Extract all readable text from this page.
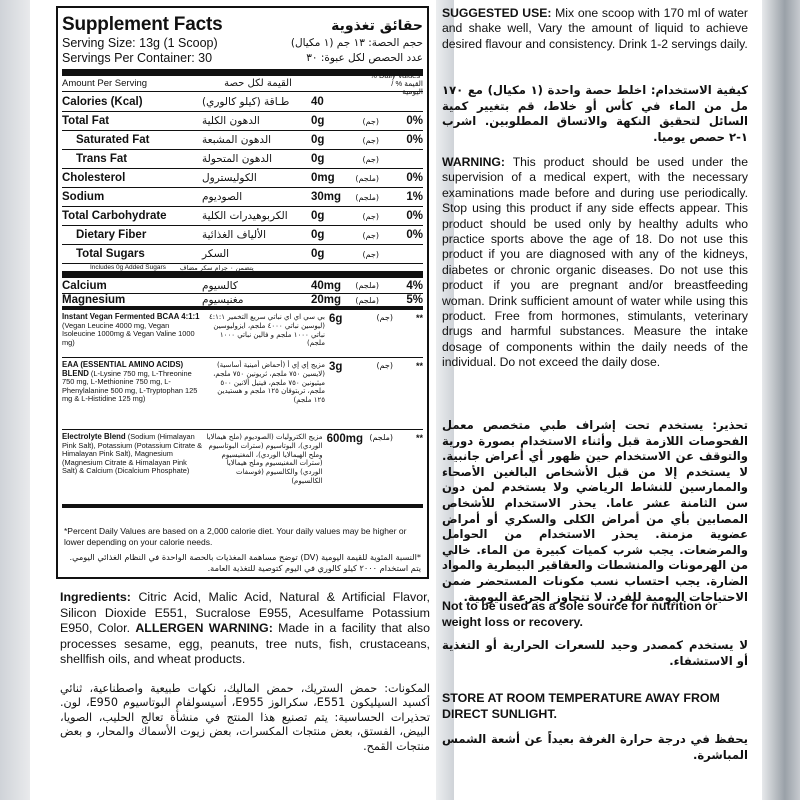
Supplement Facts	حقائق تغذوية
Serving Size: 13g (1 Scoop)	حجم الحصة: ١٣ جم (١ مكيال)
Servings Per Container: 30	عدد الحصص لكل عبوة: ٣٠
Amount Per Serving	القيمة لكل حصة
% Daily Values* / % القيمة اليومية
Calories (Kcal)	طـاقة (كيلو كالوري)	40
Total Fat	الدهون الكلية	0g	(جم)	0%
Saturated Fat	الدهون المشبعة	0g	(جم)	0%
Trans Fat	الدهون المتحولة	0g	(جم)
Cholesterol	الكوليسترول	0mg	(ملجم)	0%
Sodium	الصوديوم	30mg	(ملجم)	1%
Total Carbohydrate	الكربوهيدرات الكلية	0g	(جم)	0%
Dietary Fiber	الألياف الغذائية	0g	(جم)	0%
Total Sugars	السكر	0g	(جم)
Includes 0g Added Sugars يتضمن ٠ جرام سكر مضاف
Calcium	كالسيوم	40mg	(ملجم)	4%
Magnesium	مغنيسيوم	20mg	(ملجم)	5%
Instant Vegan Fermented BCAA 4:1:1 (Vegan Leucine 4000 mg, Vegan Isoleucine 1000mg & Vegan Valine 1000 mg)
بي سي اي اي نباتي سريع التخمير ٤:١:١ (ليوسين نباتي ٤٠٠٠ ملجم، ايزوليوسين نباتي ١٠٠٠ ملجم و فالين نباتي ١٠٠٠ ملجم)
6g	(جم)	**
EAA (ESSENTIAL AMINO ACIDS) BLEND (L-Lysine 750 mg, L-Threonine 750 mg, L-Methionine 750 mg, L-Phenylalanine 500 mg, L-Tryptophan 125 mg & L-Histidine 125 mg)
مزيج إي إي أ (أحماض أمينية أساسية) (لايسين ٧٥٠ ملجم، ثريونين ٧٥٠ ملجم، ميثيونين ٧٥٠ ملجم، فينيل ألانين ٥٠٠ ملجم، تربتوفان ١٢٥ ملجم و هستيدين ١٢٥ ملجم)
3g	(جم)	**
Electrolyte Blend (Sodium (Himalayan Pink Salt), Potassium (Potassium Citrate & Himalayan Pink Salt), Magnesium (Magnesium Citrate & Himalayan Pink Salt) & Calcium (Dicalcium Phosphate)
مزيج الكتروليات (الصوديوم (ملح هيمالايا الوردي)، البوتاسيوم (سترات البوتاسيوم وملح الهيمالايا الوردي)، المغنيسيوم (سترات المغنيسيوم وملح هيمالايا الوردي) والكالسيوم (فوسفات الكالسيوم)
600mg (ملجم)	**
*Percent Daily Values are based on a 2,000 calorie diet. Your daily values may be higher or lower depending on your calorie needs.
*النسبة المئوية للقيمة اليومية (DV) توضح مساهمة المغذيات بالحصة الواحدة في النظام الغذائي اليومي. يتم استخدام ٢٠٠٠ كيلو كالوري في اليوم كتوصية للتغذية العامة.
Ingredients: Citric Acid, Malic Acid, Natural & Artificial Flavor, Silicon Dioxide E551, Sucralose E955, Acesulfame Potassium E950, Color. ALLERGEN WARNING: Made in a facility that also processes sesame, egg, peanuts, tree nuts, fish, crustaceans, shellfish oils, and wheat products.
المكونات: حمض الستريك، حمض الماليك، نكهات طبيعية واصطناعية، ثنائي أكسيد السيليكون E551، سكرالوز E955، أسيسولفام البوتاسيوم E950، لون. تحذيرات الحساسية: يتم تصنيع هذا المنتج في منشأة تعالج الحليب، الصويا، البيض، الفستق، بعض منتجات المكسرات، بعض زيوت الأسماك والمحار، و بعض منتجات القمح.
SUGGESTED USE: Mix one scoop with 170 ml of water and shake well, Vary the amount of liquid to achieve desired flavour and consistency. Drink 1-2 servings daily.
كيفية الاستخدام: اخلط حصة واحدة (١ مكيال) مع ١٧٠ مل من الماء في كأس أو خلاط، قم بتغيير كمية السائل لتحقيق النكهة والاتساق المطلوبين. اشرب ١-٢ حصص يوميا.
WARNING: This product should be used under the supervision of a medical expert, with the necessary examinations made before and during use periodically. Stop using this product if any side effects appear. This product should be used only by healthy adults who practice sports above the age of 18. Do not use this product if you are diagnosed with any of the kidneys, diabetes or chronic organic diseases. Do not use this product if you are pregnant and/or breastfeeding woman. Drink sufficient amount of water while using this product. Free from hormones, stimulants, veterinary drugs and harmful substances. Measure the intake dosage of components within the daily needs of the individual. Do not exceed the daily dose.
تحذير: يستخدم تحت إشراف طبي متخصص معمل الفحوصات اللازمة قبل وأثناء الاستخدام بصورة دورية والتوقف عن الاستخدام حين ظهور أي أعراض جانبية. لا يستخدم إلا من قبل الأشخاص البالغين الأصحاء والممارسين للنشاط الرياضي ولا يستخدم لمن دون سن الثامنة عشر عاما. يحذر الاستخدام للأشخاص المصابين بأي من أمراض الكلى والسكري أو أمراض عضوية مزمنة. يحذر الاستخدام من الحوامل والمرضعات. يجب شرب كميات كبيرة من الماء. خالي من الهرمونات والمنشطات والعقاقير البيطرية والمواد الضارة. يجب احتساب نسب مكونات المستحضر ضمن الاحتياجات اليومية للفرد. لا تتجاوز الجرعة اليومية.
Not to be used as a sole source for nutrition or weight loss or recovery.
لا يستخدم كمصدر وحيد للسعرات الحرارية أو التغذية أو الاستشفاء.
STORE AT ROOM TEMPERATURE AWAY FROM DIRECT SUNLIGHT.
يحفظ في درجة حرارة الغرفة بعيداً عن أشعة الشمس المباشرة.
